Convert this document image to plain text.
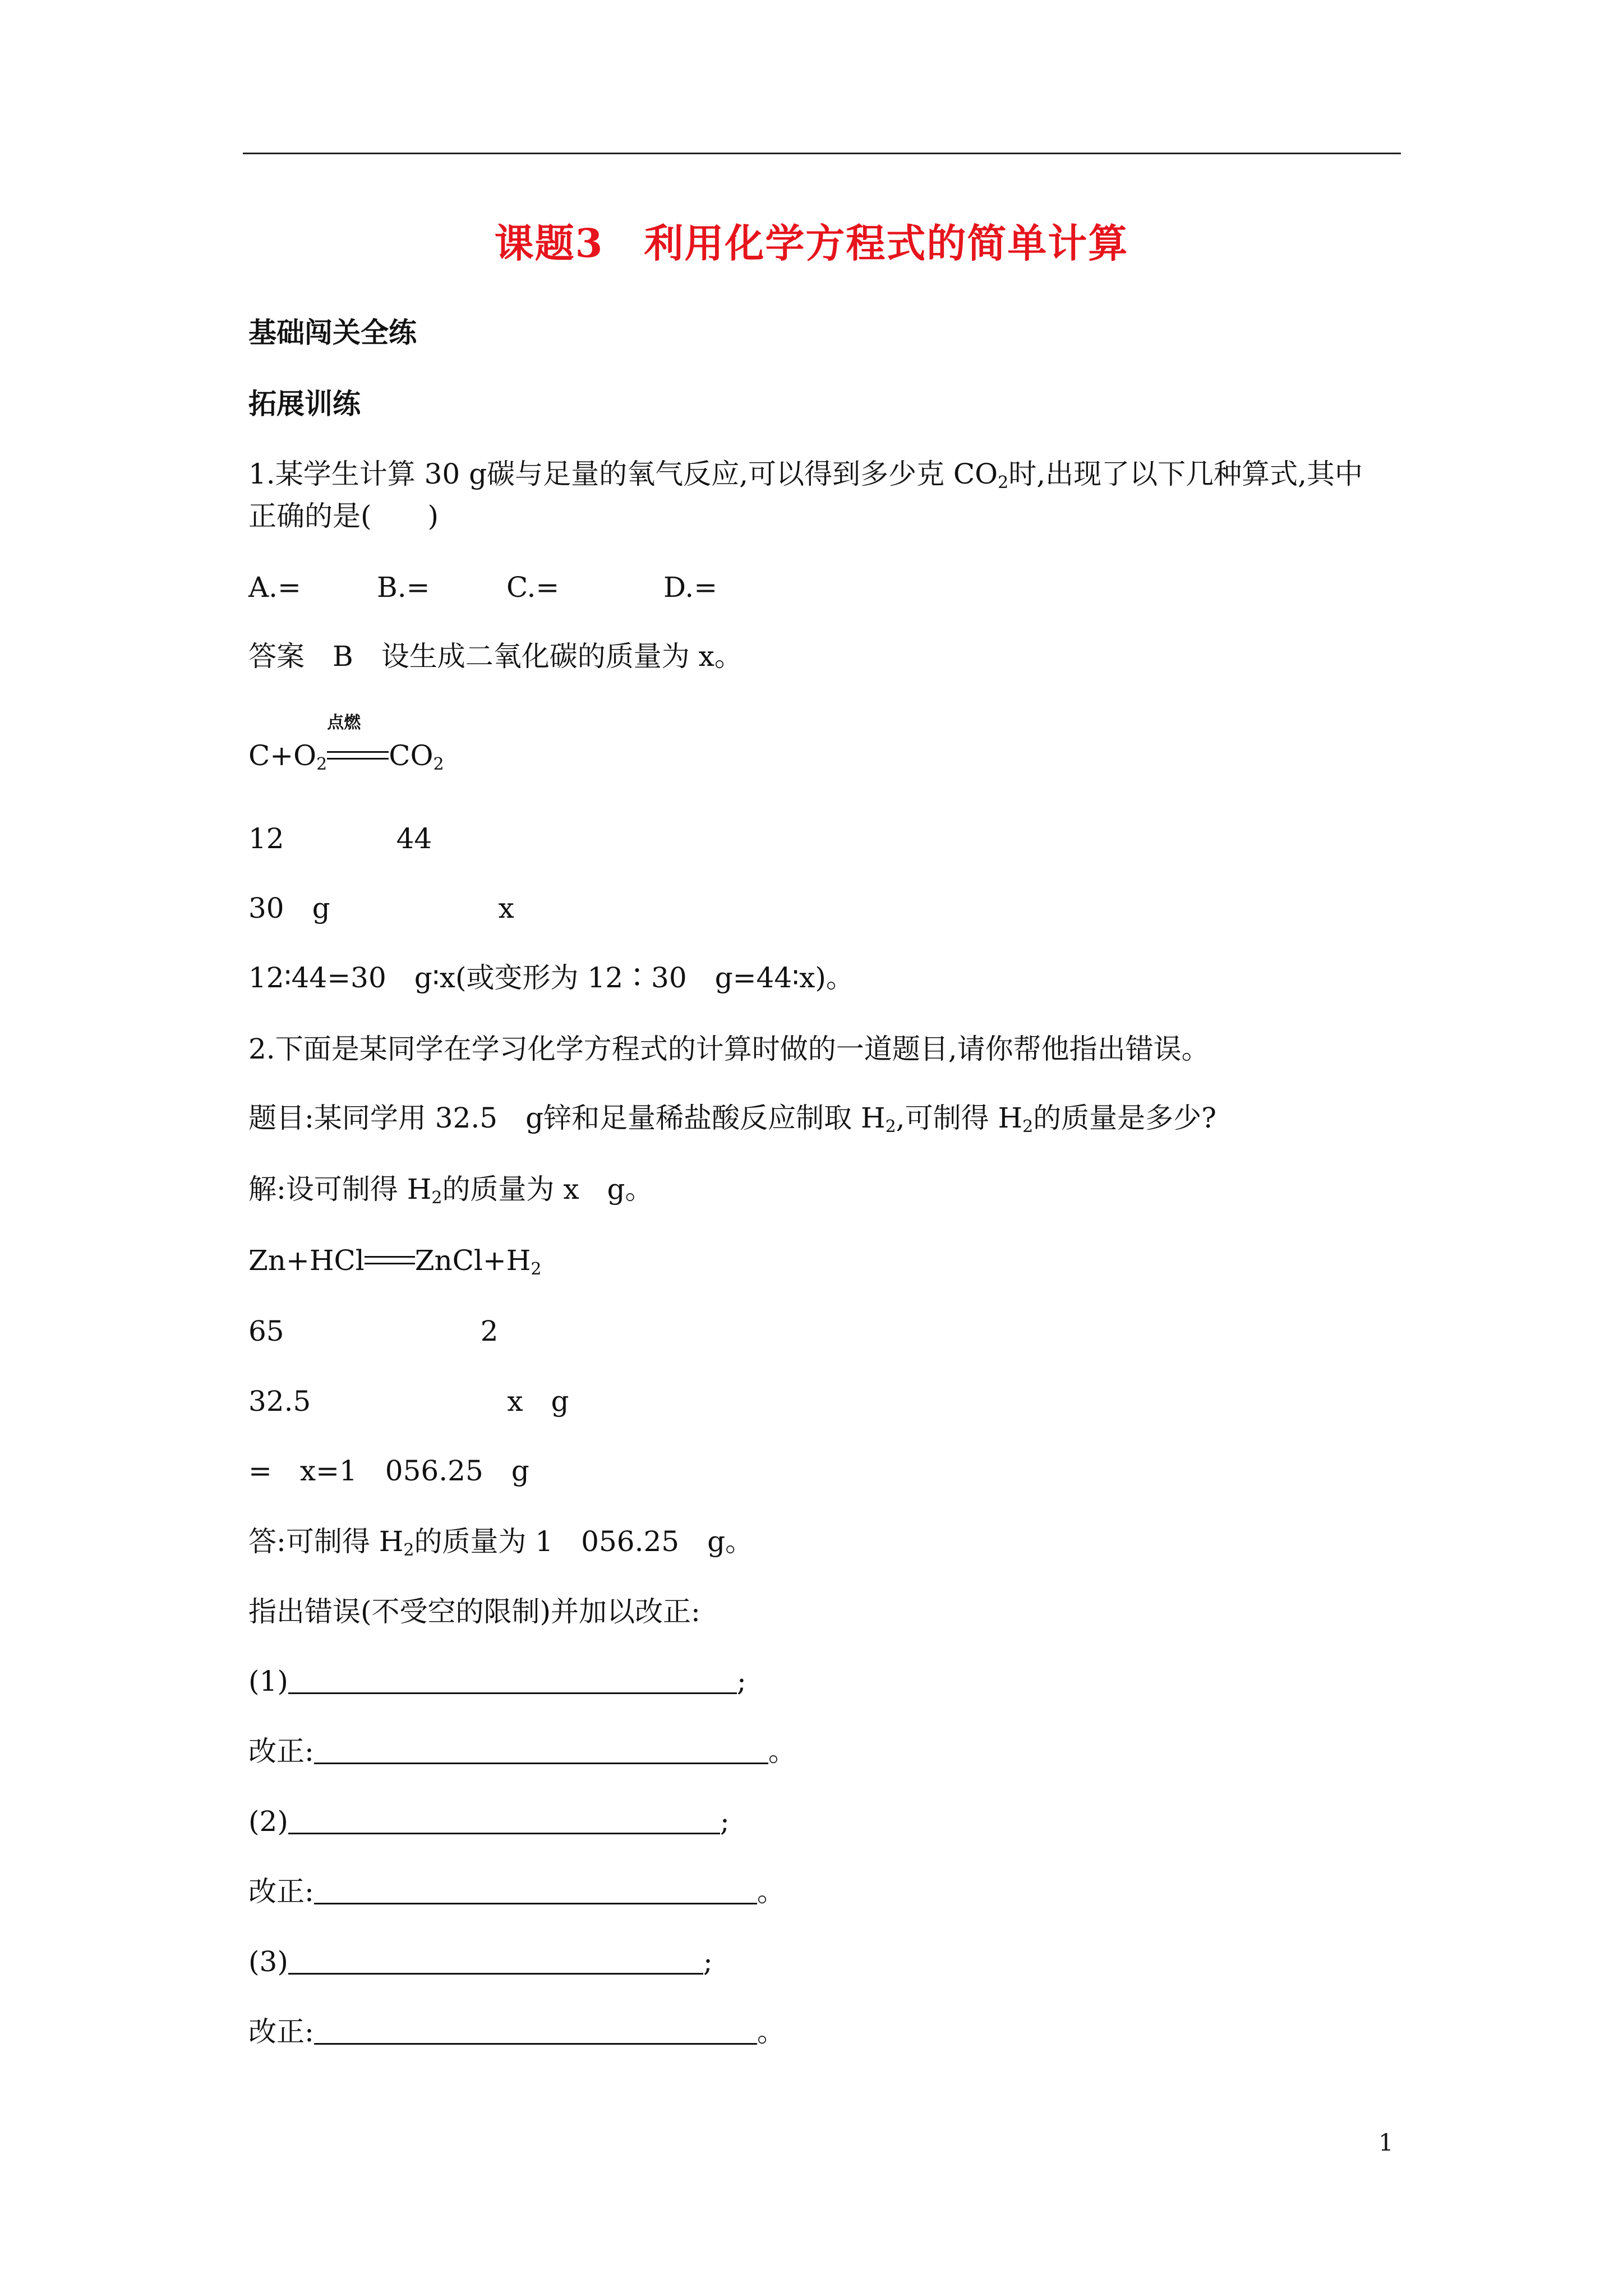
课题3　利用化学方程式的简单计算
基础闯关全练
拓展训练
1.某学生计算 30 g碳与足量的氧气反应,可以得到多少克 $CO_2$时,出现了以下几种算式,其中
正确的是(　　)
A.=	B.=	C.=	D.=
答案　B　设生成二氧化碳的质量为 x。
$C+O_2$
点燃
$CO_2$
12　　　　44
30　g　　　　　　x
12∶44=30　g∶x(或变形为 12∶30　g=44∶x)。
2.下面是某同学在学习化学方程式的计算时做的一道题目,请你帮他指出错误。
题目:某同学用 32.5　g锌和足量稀盐酸反应制取 $H_2$,可制得 $H_2$的质量是多少?
解:设可制得 $H_2$的质量为 x　g。
Zn+HCl $ZnCl+H_2$
65　　　　　　　2
32.5　　　　　　　x　g
=　x=1　056.25　g
答:可制得 $H_2$的质量为 1　056.25　g。
指出错误(不受空的限制)并加以改正:
(1)	;
改正:	。
(2)	;
改正:	。
(3)	;
改正:	。
1
